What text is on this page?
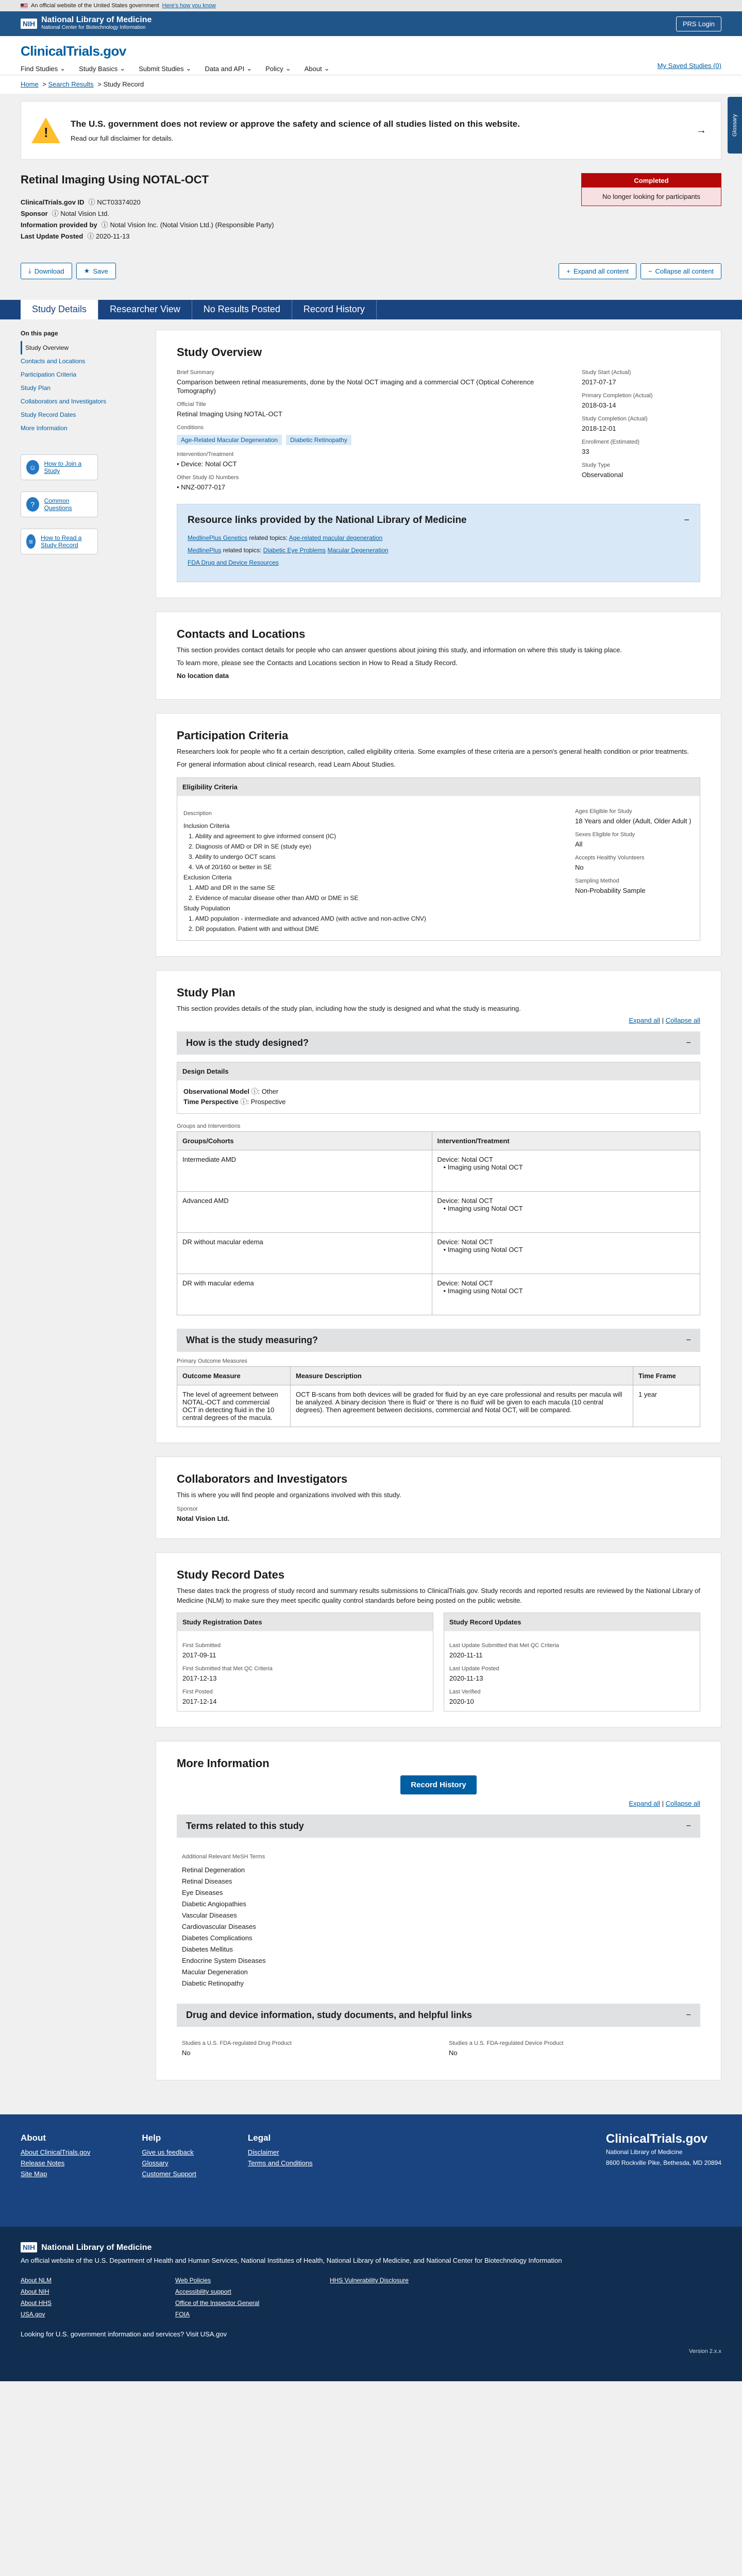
An official website of the United States government Here's how you know
NIH National Library of Medicine
National Center for Biotechnology Information	PRS Login
ClinicalTrials.gov
Find Studies ⌄ Study Basics ⌄ Submit Studies ⌄ Data and API ⌄ Policy ⌄ About ⌄	My Saved Studies (0)
Home > Search Results > Study Record
Glossary
!
The U.S. government does not review or approve the safety and science of all studies listed on this website.
Read our full disclaimer for details.
→
Retinal Imaging Using NOTAL-OCT
ClinicalTrials.gov ID ⓘ NCT03374020
Sponsor ⓘ Notal Vision Ltd.
Information provided by ⓘ Notal Vision Inc. (Notal Vision Ltd.) (Responsible Party)
Last Update Posted ⓘ 2020-11-13
Completed
No longer looking for participants
⤓ Download	★ Save	+ Expand all content	− Collapse all content
Study Details	Researcher View	No Results Posted	Record History
On this page
Study Overview
Contacts and Locations
Participation Criteria
Study Plan
Collaborators and Investigators
Study Record Dates
More Information
☺	How to Join a Study
?	Common Questions
≡	How to Read a Study Record
Study Overview
Brief Summary
Comparison between retinal measurements, done by the Notal OCT imaging and a commercial OCT (Optical Coherence Tomography)
Official Title
Retinal Imaging Using NOTAL-OCT
Conditions
Age-Related Macular Degeneration Diabetic Retinopathy
Intervention/Treatment
• Device: Notal OCT
Other Study ID Numbers
• NNZ-0077-017
Study Start (Actual)
2017-07-17
Primary Completion (Actual)
2018-03-14
Study Completion (Actual)
2018-12-01
Enrollment (Estimated)
33
Study Type
Observational
Resource links provided by the National Library of Medicine	−
MedlinePlus Genetics related topics: Age-related macular degeneration
MedlinePlus related topics: Diabetic Eye Problems Macular Degeneration
FDA Drug and Device Resources
Contacts and Locations

This section provides contact details for people who can answer questions about joining this study, and information on where this study is taking place.

To learn more, please see the Contacts and Locations section in How to Read a Study Record.

No location data

Participation Criteria

Researchers look for people who fit a certain description, called eligibility criteria. Some examples of these criteria are a person's general health condition or prior treatments.

For general information about clinical research, read Learn About Studies.

Eligibility Criteria
Description
Inclusion Criteria
1. Ability and agreement to give informed consent (IC)
2. Diagnosis of AMD or DR in SE (study eye)
3. Ability to undergo OCT scans
4. VA of 20/160 or better in SE
Exclusion Criteria
1. AMD and DR in the same SE
2. Evidence of macular disease other than AMD or DME in SE
Study Population
1. AMD population - intermediate and advanced AMD (with active and non-active CNV)
2. DR population. Patient with and without DME
Ages Eligible for Study
18 Years and older (Adult, Older Adult )
Sexes Eligible for Study
All
Accepts Healthy Volunteers
No
Sampling Method
Non-Probability Sample
Study Plan

This section provides details of the study plan, including how the study is designed and what the study is measuring.

Expand all | Collapse all
How is the study designed?	−
Design Details
Observational Model ⓘ: Other
Time Perspective ⓘ: Prospective
Groups and Interventions
Groups/Cohorts	Intervention/Treatment
Intermediate AMD	Device: Notal OCT
• Imaging using Notal OCT

Advanced AMD	Device: Notal OCT
• Imaging using Notal OCT

DR without macular edema	Device: Notal OCT
• Imaging using Notal OCT

DR with macular edema	Device: Notal OCT
• Imaging using Notal OCT
What is the study measuring?	−
Primary Outcome Measures
Outcome Measure	Measure Description	Time Frame
The level of agreement between NOTAL-OCT and commercial OCT in detecting fluid in the 10 central degrees of the macula.	OCT B-scans from both devices will be graded for fluid by an eye care professional and results per macula will be analyzed. A binary decision 'there is fluid' or 'there is no fluid' will be given to each macula (10 central degrees). Then agreement between decisions, commercial and Notal OCT, will be compared.	1 year
Collaborators and Investigators

This is where you will find people and organizations involved with this study.

Sponsor
Notal Vision Ltd.
Study Record Dates

These dates track the progress of study record and summary results submissions to ClinicalTrials.gov. Study records and reported results are reviewed by the National Library of Medicine (NLM) to make sure they meet specific quality control standards before being posted on the public website.

Study Registration Dates
First Submitted
2017-09-11
First Submitted that Met QC Criteria
2017-12-13
First Posted
2017-12-14
Study Record Updates
Last Update Submitted that Met QC Criteria
2020-11-11
Last Update Posted
2020-11-13
Last Verified
2020-10
More Information
Record History
Expand all | Collapse all
Terms related to this study	−
Additional Relevant MeSH Terms
Retinal Degeneration
Retinal Diseases
Eye Diseases
Diabetic Angiopathies
Vascular Diseases
Cardiovascular Diseases
Diabetes Complications
Diabetes Mellitus
Endocrine System Diseases
Macular Degeneration
Diabetic Retinopathy
Drug and device information, study documents, and helpful links	−
Studies a U.S. FDA-regulated Drug Product
No
Studies a U.S. FDA-regulated Device Product
No
About
About ClinicalTrials.gov
Release Notes
Site Map
Help
Give us feedback
Glossary
Customer Support
Legal
Disclaimer
Terms and Conditions
ClinicalTrials.gov
National Library of Medicine
8600 Rockville Pike, Bethesda, MD 20894
NIH National Library of Medicine
An official website of the U.S. Department of Health and Human Services, National Institutes of Health, National Library of Medicine, and National Center for Biotechnology Information
About NLM	Web Policies	HHS Vulnerability Disclosure
About NIH	Accessibility support
About HHS	Office of the Inspector General
USA.gov	FOIA
Looking for U.S. government information and services? Visit USA.gov
Version 2.x.x
